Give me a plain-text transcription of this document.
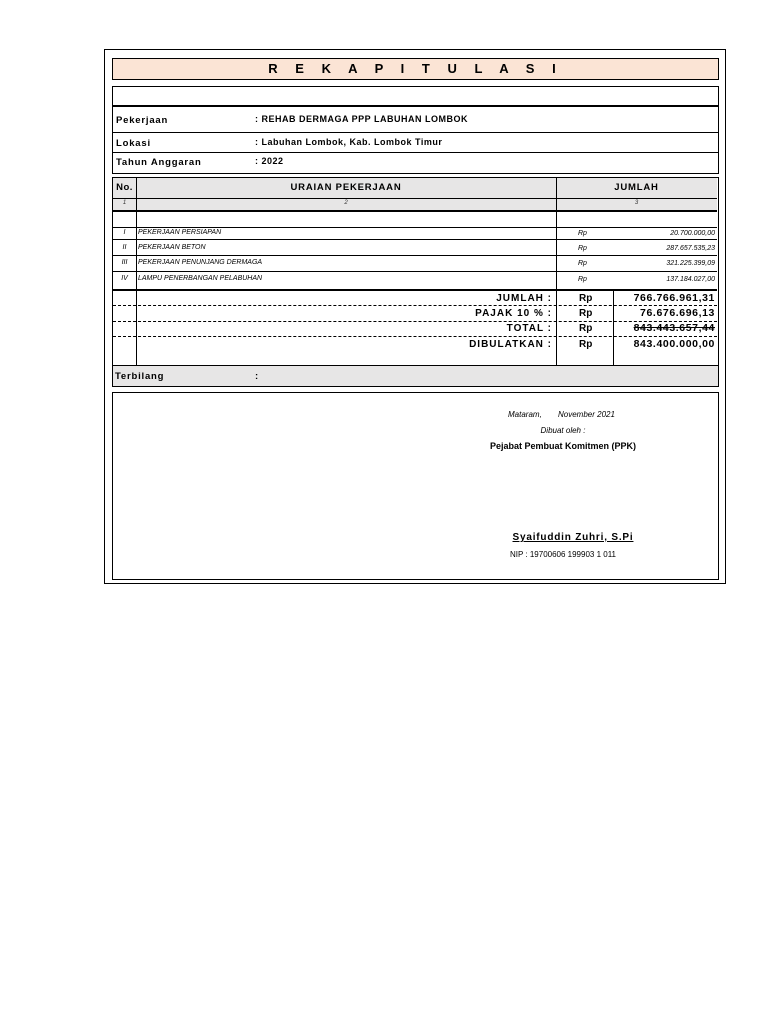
R E K A P I T U L A S I
Pekerjaan	: REHAB DERMAGA PPP LABUHAN LOMBOK
Lokasi	: Labuhan Lombok, Kab. Lombok Timur
Tahun Anggaran	: 2022
No.	URAIAN PEKERJAAN	JUMLAH
1	2	3
I	PEKERJAAN PERSIAPAN	Rp	20.700.000,00
II	PEKERJAAN BETON	Rp	287.657.535,23
III	PEKERJAAN PENUNJANG DERMAGA	Rp	321.225.399,09
IV	LAMPU PENERBANGAN PELABUHAN	Rp	137.184.027,00
JUMLAH :	Rp	766.766.961,31
PAJAK 10 % :	Rp	76.676.696,13
TOTAL :	Rp	843.443.657,44
DIBULATKAN :	Rp	843.400.000,00
Terbilang	:
Mataram, November 2021
Dibuat oleh :
Pejabat Pembuat Komitmen (PPK)
Syaifuddin Zuhri, S.Pi
NIP : 19700606 199903 1 011
